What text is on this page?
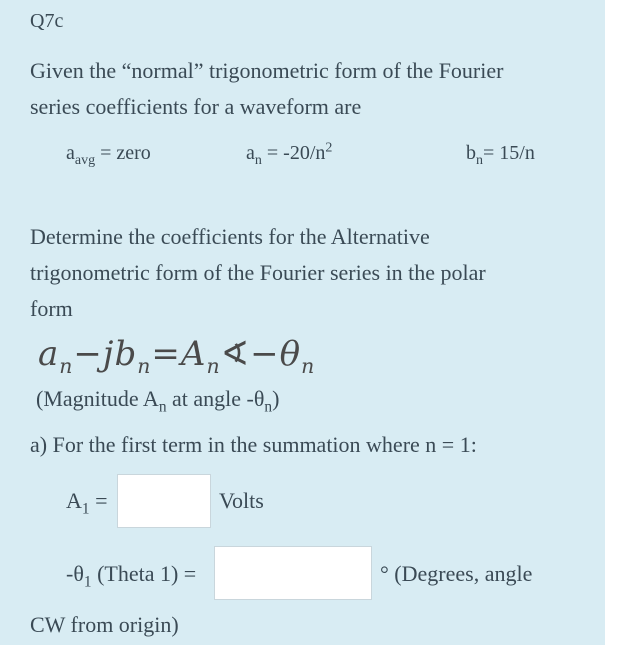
Q7c
Given the “normal” trigonometric form of the Fourier
series coefficients for a waveform are
$a_{avg}$ = zero	$a_n = -20/n^2$	$b_n= 15/n$
Determine the coefficients for the Alternative
trigonometric form of the Fourier series in the polar
form
$a_n-jb_n=A_n∢-\theta_n$
(Magnitude $A_n$ at angle $-\theta_n$)
a) For the first term in the summation where n = 1:
$A_1$ =	Volts
$-\theta_1$ (Theta 1) =	° (Degrees, angle
CW from origin)
